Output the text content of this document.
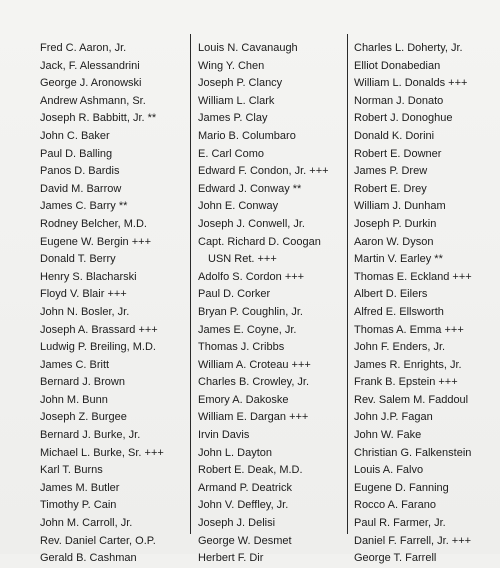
Fred C. Aaron, Jr.
Jack, F. Alessandrini
George J. Aronowski
Andrew Ashmann, Sr.
Joseph R. Babbitt, Jr. **
John C. Baker
Paul D. Balling
Panos D. Bardis
David M. Barrow
James C. Barry **
Rodney Belcher, M.D.
Eugene W. Bergin +++
Donald T. Berry
Henry S. Blacharski
Floyd V. Blair +++
John N. Bosler, Jr.
Joseph A. Brassard +++
Ludwig P. Breiling, M.D.
James C. Britt
Bernard J. Brown
John M. Bunn
Joseph Z. Burgee
Bernard J. Burke, Jr.
Michael L. Burke, Sr. +++
Karl T. Burns
James M. Butler
Timothy P. Cain
John M. Carroll, Jr.
Rev. Daniel Carter, O.P.
Gerald B. Cashman
Louis N. Cavanaugh
Wing Y. Chen
Joseph P. Clancy
William L. Clark
James P. Clay
Mario B. Columbaro
E. Carl Como
Edward F. Condon, Jr. +++
Edward J. Conway **
John E. Conway
Joseph J. Conwell, Jr.
Capt. Richard D. Coogan
USN Ret. +++
Adolfo S. Cordon +++
Paul D. Corker
Bryan P. Coughlin, Jr.
James E. Coyne, Jr.
Thomas J. Cribbs
William A. Croteau +++
Charles B. Crowley, Jr.
Emory A. Dakoske
William E. Dargan +++
Irvin Davis
John L. Dayton
Robert E. Deak, M.D.
Armand P. Deatrick
John V. Deffley, Jr.
Joseph J. Delisi
George W. Desmet
Herbert F. Dir
Charles L. Doherty, Jr.
Elliot Donabedian
William L. Donalds +++
Norman J. Donato
Robert J. Donoghue
Donald K. Dorini
Robert E. Downer
James P. Drew
Robert E. Drey
William J. Dunham
Joseph P. Durkin
Aaron W. Dyson
Martin V. Earley **
Thomas E. Eckland +++
Albert D. Eilers
Alfred E. Ellsworth
Thomas A. Emma +++
John F. Enders, Jr.
James R. Enrights, Jr.
Frank B. Epstein +++
Rev. Salem M. Faddoul
John J.P. Fagan
John W. Fake
Christian G. Falkenstein
Louis A. Falvo
Eugene D. Fanning
Rocco A. Farano
Paul R. Farmer, Jr.
Daniel F. Farrell, Jr. +++
George T. Farrell
